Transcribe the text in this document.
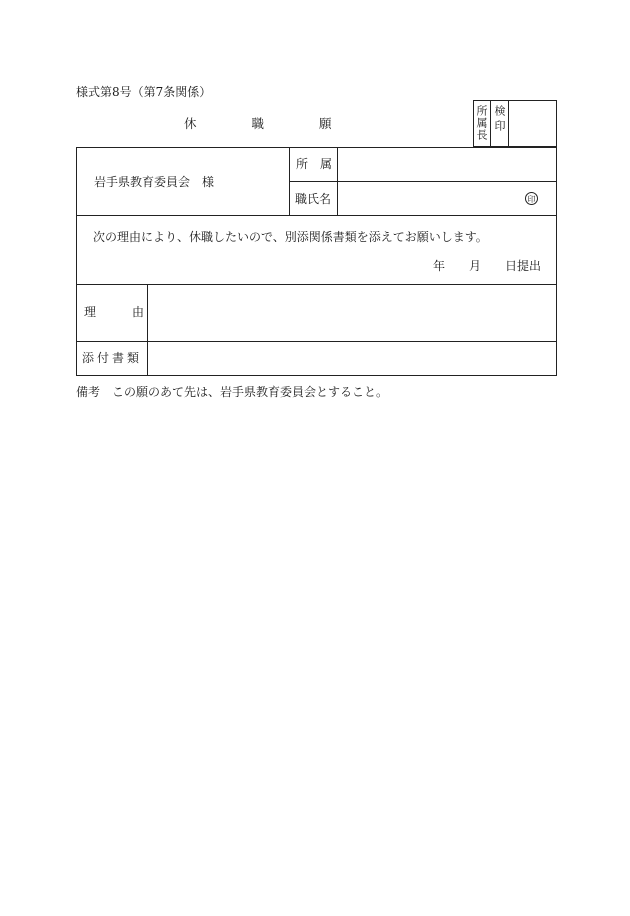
様式第8号（第7条関係）
休　　　　職　　　　願	所属長 検印
岩手県教育委員会　様
所　属
職氏名	印
次の理由により、休職したいので、別添関係書類を添えてお願いします。
年　　月　　日提出
理　　　由
添付書類
備考　この願のあて先は、岩手県教育委員会とすること。
